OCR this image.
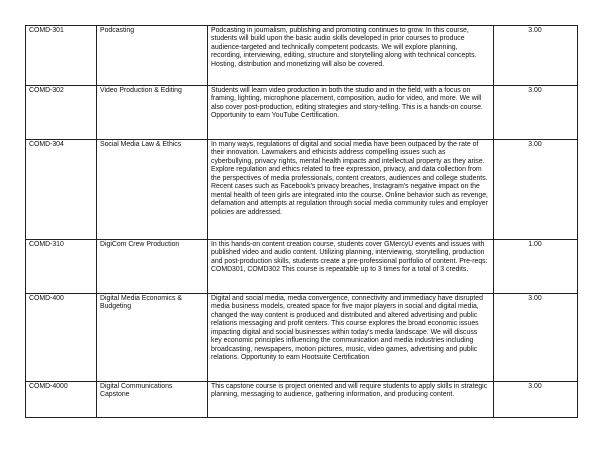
COMD-301	Podcasting	Podcasting in journalism, publishing and promoting continues to grow. In this course, students will build upon the basic audio skills developed in prior courses to produce audience-targeted and technically competent podcasts. We will explore planning, recording, interviewing, editing, structure and storytelling along with technical concepts. Hosting, distribution and monetizing will also be covered.	3.00
COMD-302	Video Production & Editing	Students will learn video production in both the studio and in the field, with a focus on framing, lighting, microphone placement, composition, audio for video, and more. We will also cover post-production, editing strategies and story-telling. This is a hands-on course. Opportunity to earn YouTube Certification.	3.00
COMD-304	Social Media Law & Ethics	In many ways, regulations of digital and social media have been outpaced by the rate of their innovation. Lawmakers and ethicists address compelling issues such as cyberbullying, privacy rights, mental health impacts and intellectual property as they arise. Explore regulation and ethics related to free expression, privacy, and data collection from the perspectives of media professionals, content creators, audiences and college students. Recent cases such as Facebook's privacy breaches, Instagram's negative impact on the mental health of teen girls are integrated into the course. Online behavior such as revenge, defamation and attempts at regulation through social media community rules and employer policies are addressed.	3.00
COMD-310	DigiCom Crew Production	In this hands-on content creation course, students cover GMercyU events and issues with published video and audio content. Utilizing planning, interviewing, storytelling, production and post-production skills, students create a pre-professional portfolio of content. Pre-reqs: COMD301, COMD302 This course is repeatable up to 3 times for a total of 3 credits.	1.00
COMD-400	Digital Media Economics & Budgeting	Digital and social media, media convergence, connectivity and immediacy have disrupted media business models, created space for five major players in social and digital media, changed the way content is produced and distributed and altered advertising and public relations messaging and profit centers. This course explores the broad economic issues impacting digital and social businesses within today's media landscape. We will discuss key economic principles influencing the communication and media industries including broadcasting, newspapers, motion pictures, music, video games, advertising and public relations. Opportunity to earn Hootsuite Certification	3.00
COMD-4000	Digital Communications Capstone	This capstone course is project oriented and will require students to apply skills in strategic planning, messaging to audience, gathering information, and producing content.	3.00
